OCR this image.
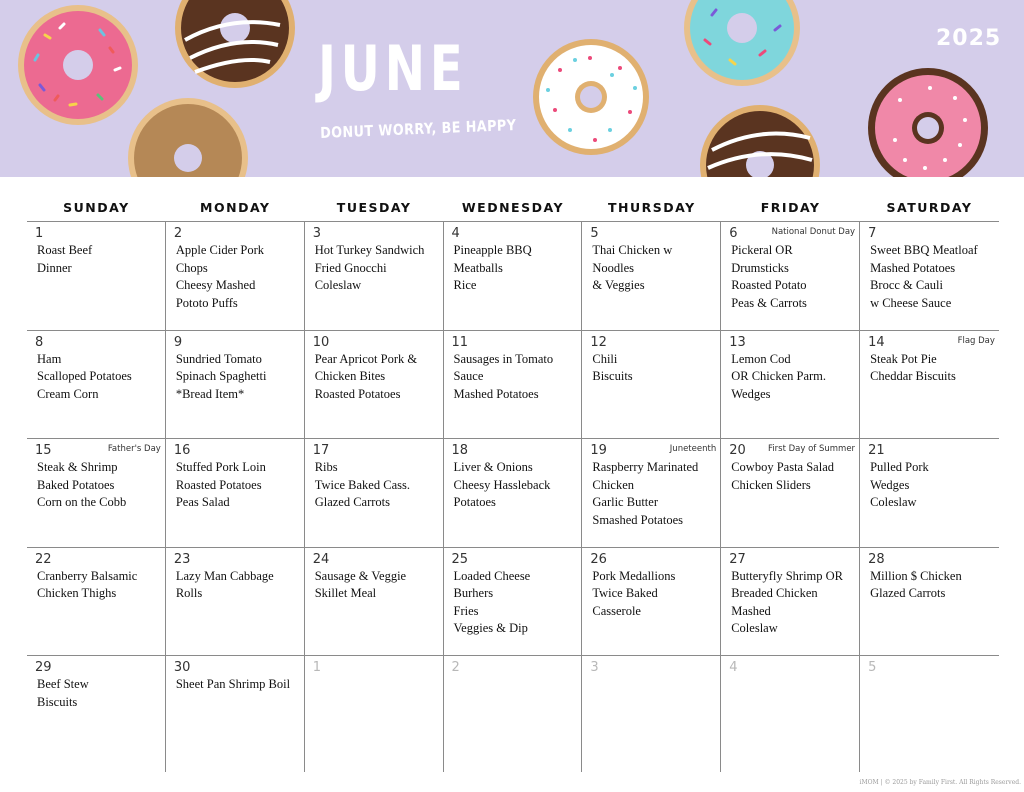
JUNE
DONUT WORRY, BE HAPPY
2025
SUNDAY	MONDAY	TUESDAY	WEDNESDAY	THURSDAY	FRIDAY	SATURDAY
1
Roast Beef
Dinner
2
Apple Cider Pork
Chops
Cheesy Mashed
Pototo Puffs
3
Hot Turkey Sandwich
Fried Gnocchi
Coleslaw
4
Pineapple BBQ
Meatballs
Rice
5
Thai Chicken w
Noodles
& Veggies
6	National Donut Day
Pickeral OR
Drumsticks
Roasted Potato
Peas & Carrots
7
Sweet BBQ Meatloaf
Mashed Potatoes
Brocc & Cauli
w Cheese Sauce
8
Ham
Scalloped Potatoes
Cream Corn
9
Sundried Tomato
Spinach Spaghetti
*Bread Item*
10
Pear Apricot Pork &
Chicken Bites
Roasted Potatoes
11
Sausages in Tomato
Sauce
Mashed Potatoes
12
Chili
Biscuits
13
Lemon Cod
OR Chicken Parm.
Wedges
14	Flag Day
Steak Pot Pie
Cheddar Biscuits
15	Father's Day
Steak & Shrimp
Baked Potatoes
Corn on the Cobb
16
Stuffed Pork Loin
Roasted Potatoes
Peas Salad
17
Ribs
Twice Baked Cass.
Glazed Carrots
18
Liver & Onions
Cheesy Hassleback
Potatoes
19	Juneteenth
Raspberry Marinated
Chicken
Garlic Butter
Smashed Potatoes
20	First Day of Summer
Cowboy Pasta Salad
Chicken Sliders
21
Pulled Pork
Wedges
Coleslaw
22
Cranberry Balsamic
Chicken Thighs
23
Lazy Man Cabbage
Rolls
24
Sausage & Veggie
Skillet Meal
25
Loaded Cheese
Burhers
Fries
Veggies & Dip
26
Pork Medallions
Twice Baked
Casserole
27
Butteryfly Shrimp OR
Breaded Chicken
Mashed
Coleslaw
28
Million $ Chicken
Glazed Carrots
29
Beef Stew
Biscuits
30
Sheet Pan Shrimp Boil
1	2	3	4	5
iMOM | © 2025 by Family First. All Rights Reserved.
